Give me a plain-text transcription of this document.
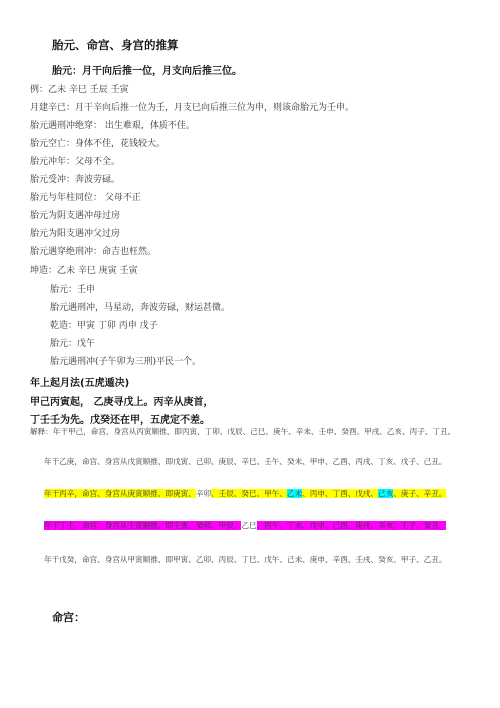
胎元、命宫、身宫的推算
胎元：月干向后推一位，月支向后推三位。
例：乙未 辛巳 壬辰 壬寅
月建辛已：月干辛向后推一位为壬，月支巳向后推三位为申，则该命胎元为壬申。
胎元遇刑冲绝穿： 出生难艰，体质不佳。
胎元空亡：身体不佳，花钱较大。
胎元冲年：父母不全。
胎元受冲：奔波劳碌。
胎元与年柱同位： 父母不正
胎元为阴支遇冲母过房
胎元为阳支遇冲父过房
胎元遇穿绝刑冲：命吉也枉然。
坤造：乙未 辛巳 庚寅 壬寅
胎元：壬申
胎元遇刑冲，马星动，奔波劳碌，财运甚微。
乾造：甲寅 丁卯 丙申 戊子
胎元：戊午
胎元遇刑冲(子午卯为三刑)平民一个。
年上起月法(五虎遁决)
甲己丙寅起， 乙庚寻戊上。丙辛从庚首，
丁壬壬为先。戊癸还在甲，五虎定不差。
解释：年干甲己，命宫、身宫从丙寅顺推、即丙寅、丁卯、戊辰、己巳、庚午、辛未、壬申、癸酉、甲戌、乙亥、丙子、丁丑。
年干乙庚，命宫、身宫从戊寅顺推、即戊寅、己卯、庚辰、辛巳、壬午、癸未、甲申、乙酉、丙戌、丁亥、戊子、己丑。
年干丙辛，命宫、身宫从庚寅顺推、即庚寅、辛卯、壬辰、癸巳、甲午、乙未、丙申、丁酉、戊戌、己亥、庚子、辛丑。
年干丁壬，命宫、身宫从壬寅顺推、即壬寅、癸卯、甲辰、乙巳、丙午、丁未、戊申、己酉、庚戌、辛亥、壬子、癸丑。
年干戊癸，命宫、身宫从甲寅顺推、即甲寅、乙卯、丙辰、丁巳、戊午、己未、庚申、辛酉、壬戌、癸亥、甲子、乙丑。
命宫：
